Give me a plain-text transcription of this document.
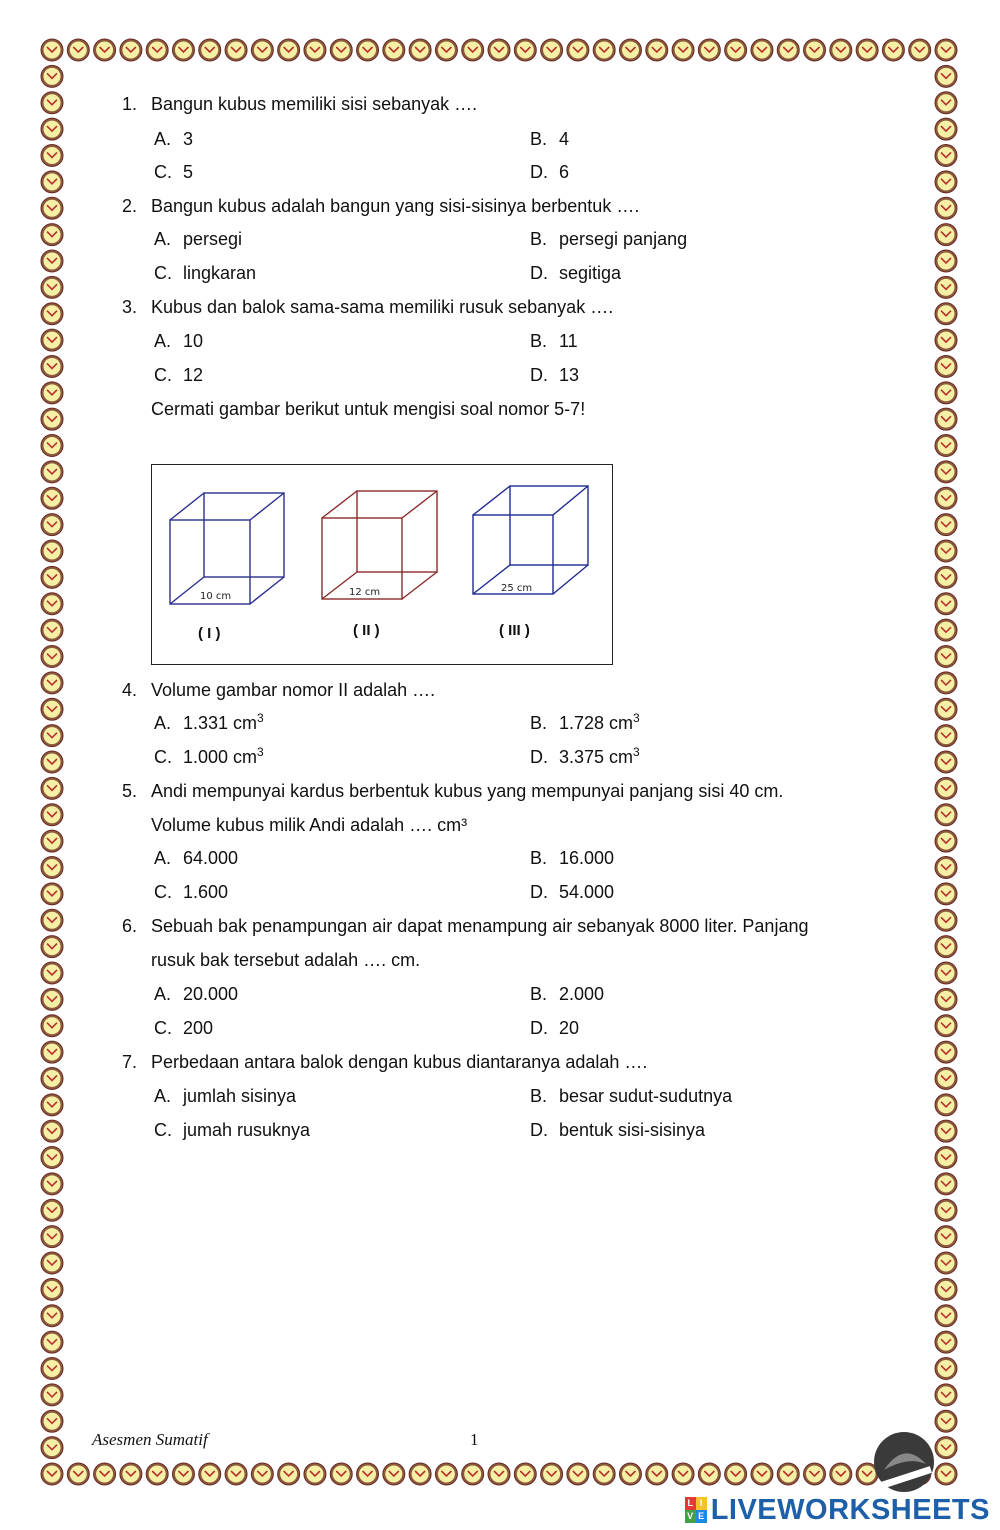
1. Bangun kubus memiliki sisi sebanyak ….
A. 3	B. 4
C. 5	D. 6
2. Bangun kubus adalah bangun yang sisi-sisinya berbentuk ….
A. persegi	B. persegi panjang
C. lingkaran	D. segitiga
3. Kubus dan balok sama-sama memiliki rusuk sebanyak ….
A. 10	B. 11
C. 12	D. 13
Cermati gambar berikut untuk mengisi soal nomor 5-7!
10 cm
( I )
12 cm
( II )
25 cm
( III )
4. Volume gambar nomor II adalah ….
A. 1.331 $cm^3$	B. 1.728 $cm^3$
C. 1.000 $cm^3$	D. 3.375 $cm^3$
5. Andi mempunyai kardus berbentuk kubus yang mempunyai panjang sisi 40 cm.
Volume kubus milik Andi adalah …. cm³
A. 64.000	B. 16.000
C. 1.600	D. 54.000
6. Sebuah bak penampungan air dapat menampung air sebanyak 8000 liter. Panjang
rusuk bak tersebut adalah …. cm.
A. 20.000	B. 2.000
C. 200	D. 20
7. Perbedaan antara balok dengan kubus diantaranya adalah ….
A. jumlah sisinya	B. besar sudut-sudutnya
C. jumah rusuknya	D. bentuk sisi-sisinya
Asesmen Sumatif	1
L I
V E LIVEWORKSHEETS
